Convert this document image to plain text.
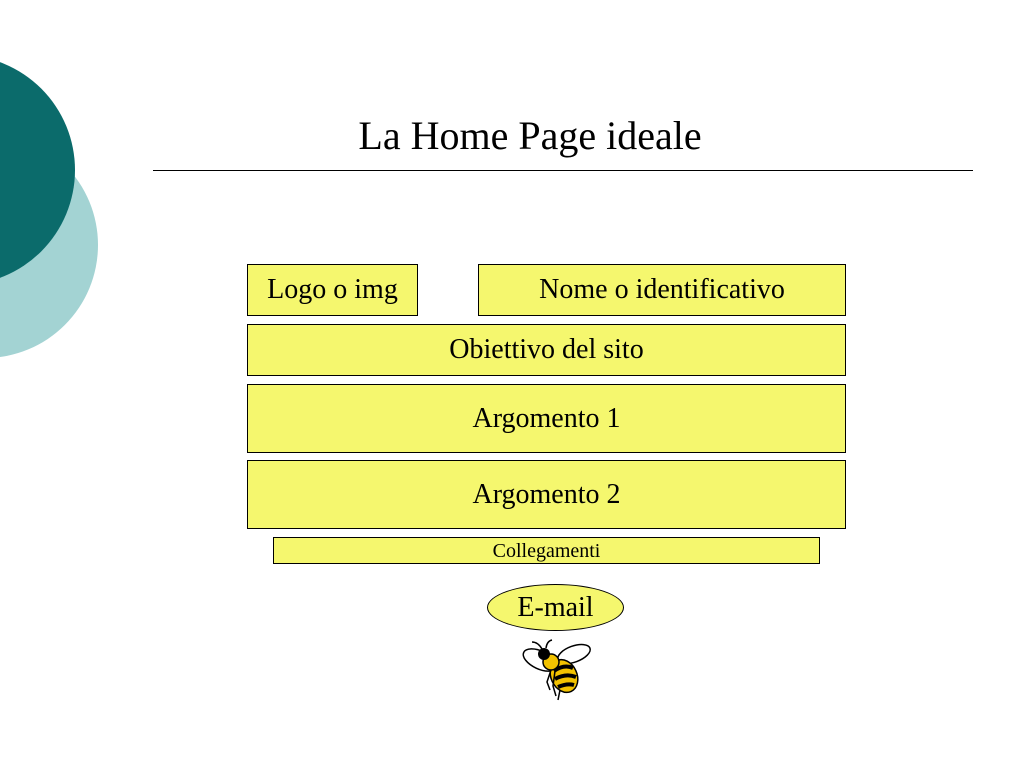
La Home Page ideale
Logo o img	Nome o identificativo
Obiettivo del sito
Argomento 1
Argomento 2
Collegamenti
E-mail
